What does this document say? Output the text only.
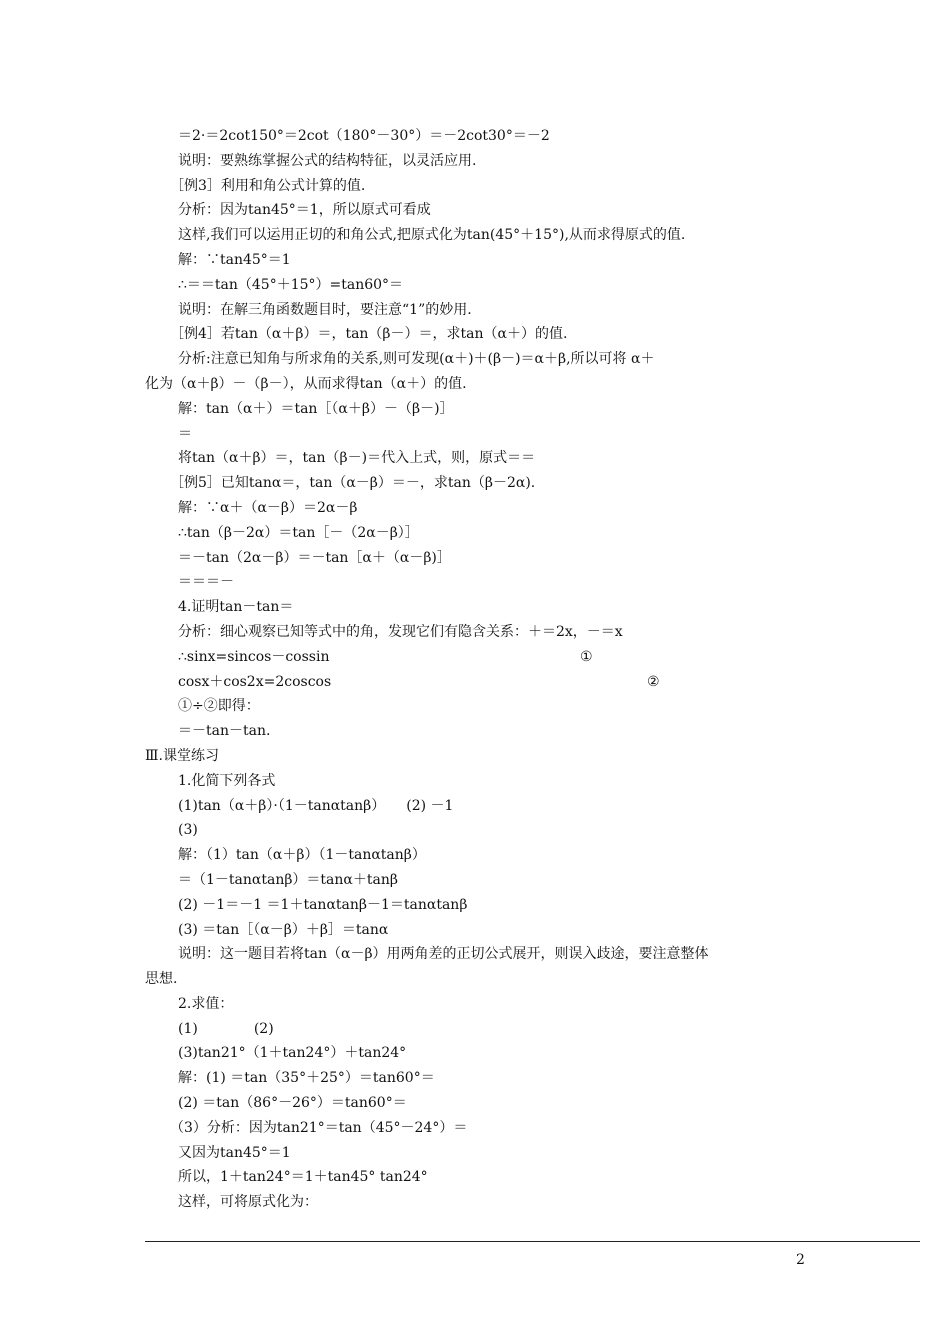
＝2·＝2cot150°＝2cot（180°－30°）＝－2cot30°＝－2
说明：要熟练掌握公式的结构特征，以灵活应用.
［例3］利用和角公式计算的值.
分析：因为tan45°＝1，所以原式可看成
这样,我们可以运用正切的和角公式,把原式化为tan(45°＋15°),从而求得原式的值.
解：∵tan45°＝1
∴＝＝tan（45°＋15°）=tan60°＝
说明：在解三角函数题目时，要注意“1”的妙用.
［例4］若tan（α＋β）＝，tan（β－）＝，求tan（α＋）的值.
分析:注意已知角与所求角的关系,则可发现(α＋)＋(β－)＝α＋β,所以可将 α＋
化为（α＋β）－（β－），从而求得tan（α＋）的值.
解：tan（α＋）＝tan［（α＋β）－（β－)］
＝
将tan（α＋β）＝，tan（β－)＝代入上式，则，原式＝＝
［例5］已知tanα＝，tan（α－β）＝－，求tan（β－2α).
解：∵α＋（α－β）＝2α－β
∴tan（β－2α）＝tan［－（2α－β）］
＝－tan（2α－β）＝－tan［α＋（α－β)］
＝＝＝－
4.证明tan－tan＝
分析：细心观察已知等式中的角，发现它们有隐含关系：＋＝2x，－＝x
∴sinx=sincos－cossin	①
cosx＋cos2x=2coscos	②
①÷②即得：
＝－tan－tan.
Ⅲ.课堂练习
1.化简下列各式
(1)tan（α＋β）·（1－tanαtanβ）　　(2) －1
(3)
解：（1）tan（α＋β）（1－tanαtanβ）
＝（1－tanαtanβ）＝tanα＋tanβ
(2) －1＝－1 ＝1＋tanαtanβ－1＝tanαtanβ
(3) ＝tan［（α－β）＋β］＝tanα
说明：这一题目若将tan（α－β）用两角差的正切公式展开，则误入歧途，要注意整体
思想.
2.求值：
(1)　　　　(2)
(3)tan21°（1＋tan24°）＋tan24°
解：(1) ＝tan（35°＋25°）＝tan60°＝
(2) ＝tan（86°－26°）＝tan60°＝
（3）分析：因为tan21°＝tan（45°－24°）＝
又因为tan45°＝1
所以，1＋tan24°＝1＋tan45° tan24°
这样，可将原式化为：
2
